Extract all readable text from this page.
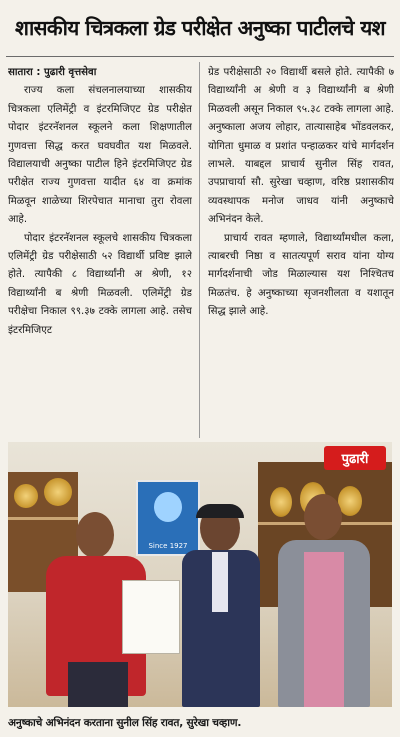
शासकीय चित्रकला ग्रेड परीक्षेत अनुष्का पाटीलचे यश

सातारा : पुढारी वृत्तसेवा

राज्य कला संचलनालयाच्या शासकीय चित्रकला एलिमेंट्री व इंटरमिजिएट ग्रेड परीक्षेत पोदार इंटरनॅशनल स्कूलने कला शिक्षणातील गुणवत्ता सिद्ध करत घवघवीत यश मिळवले. विद्यालयाची अनुष्का पाटील हिने इंटरमिजिएट ग्रेड परीक्षेत राज्य गुणवत्ता यादीत ६४ वा क्रमांक मिळवून शाळेच्या शिरपेचात मानाचा तुरा रोवला आहे.

पोदार इंटरनॅशनल स्कूलचे शासकीय चित्रकला एलिमेंट्री ग्रेड परीक्षेसाठी ५२ विद्यार्थी प्रविष्ट झाले होते. त्यापैकी ८ विद्यार्थ्यांनी अ श्रेणी, १२ विद्यार्थ्यांनी ब श्रेणी मिळवली. एलिमेंट्री ग्रेड परीक्षेचा निकाल ९९.३७ टक्के लागला आहे. तसेच इंटरमिजिएट

ग्रेड परीक्षेसाठी २० विद्यार्थी बसले होते. त्यापैकी ७ विद्यार्थ्यांनी अ श्रेणी व ३ विद्यार्थ्यांनी ब श्रेणी मिळवली असून निकाल ९५.३८ टक्के लागला आहे. अनुष्काला अजय लोहार, तात्यासाहेब भोंडवलकर, योगिता धुमाळ व प्रशांत पन्हाळकर यांचे मार्गदर्शन लाभले. याबद्दल प्राचार्य सुनील सिंह रावत, उपप्राचार्या सौ. सुरेखा चव्हाण, वरिष्ठ प्रशासकीय व्यवस्थापक मनोज जाधव यांनी अनुष्काचे अभिनंदन केले.

प्राचार्य रावत म्हणाले, विद्यार्थ्यांमधील कला, त्याबरची निष्ठा व सातत्यपूर्ण सराव यांना योग्य मार्गदर्शनाची जोड मिळाल्यास यश निश्चितच मिळतंच. हे अनुष्काच्या सृजनशीलता व यशातून सिद्ध झाले आहे.

Since 1927
पुढारी
अनुष्काचे अभिनंदन करताना सुनील सिंह रावत, सुरेखा चव्हाण.
